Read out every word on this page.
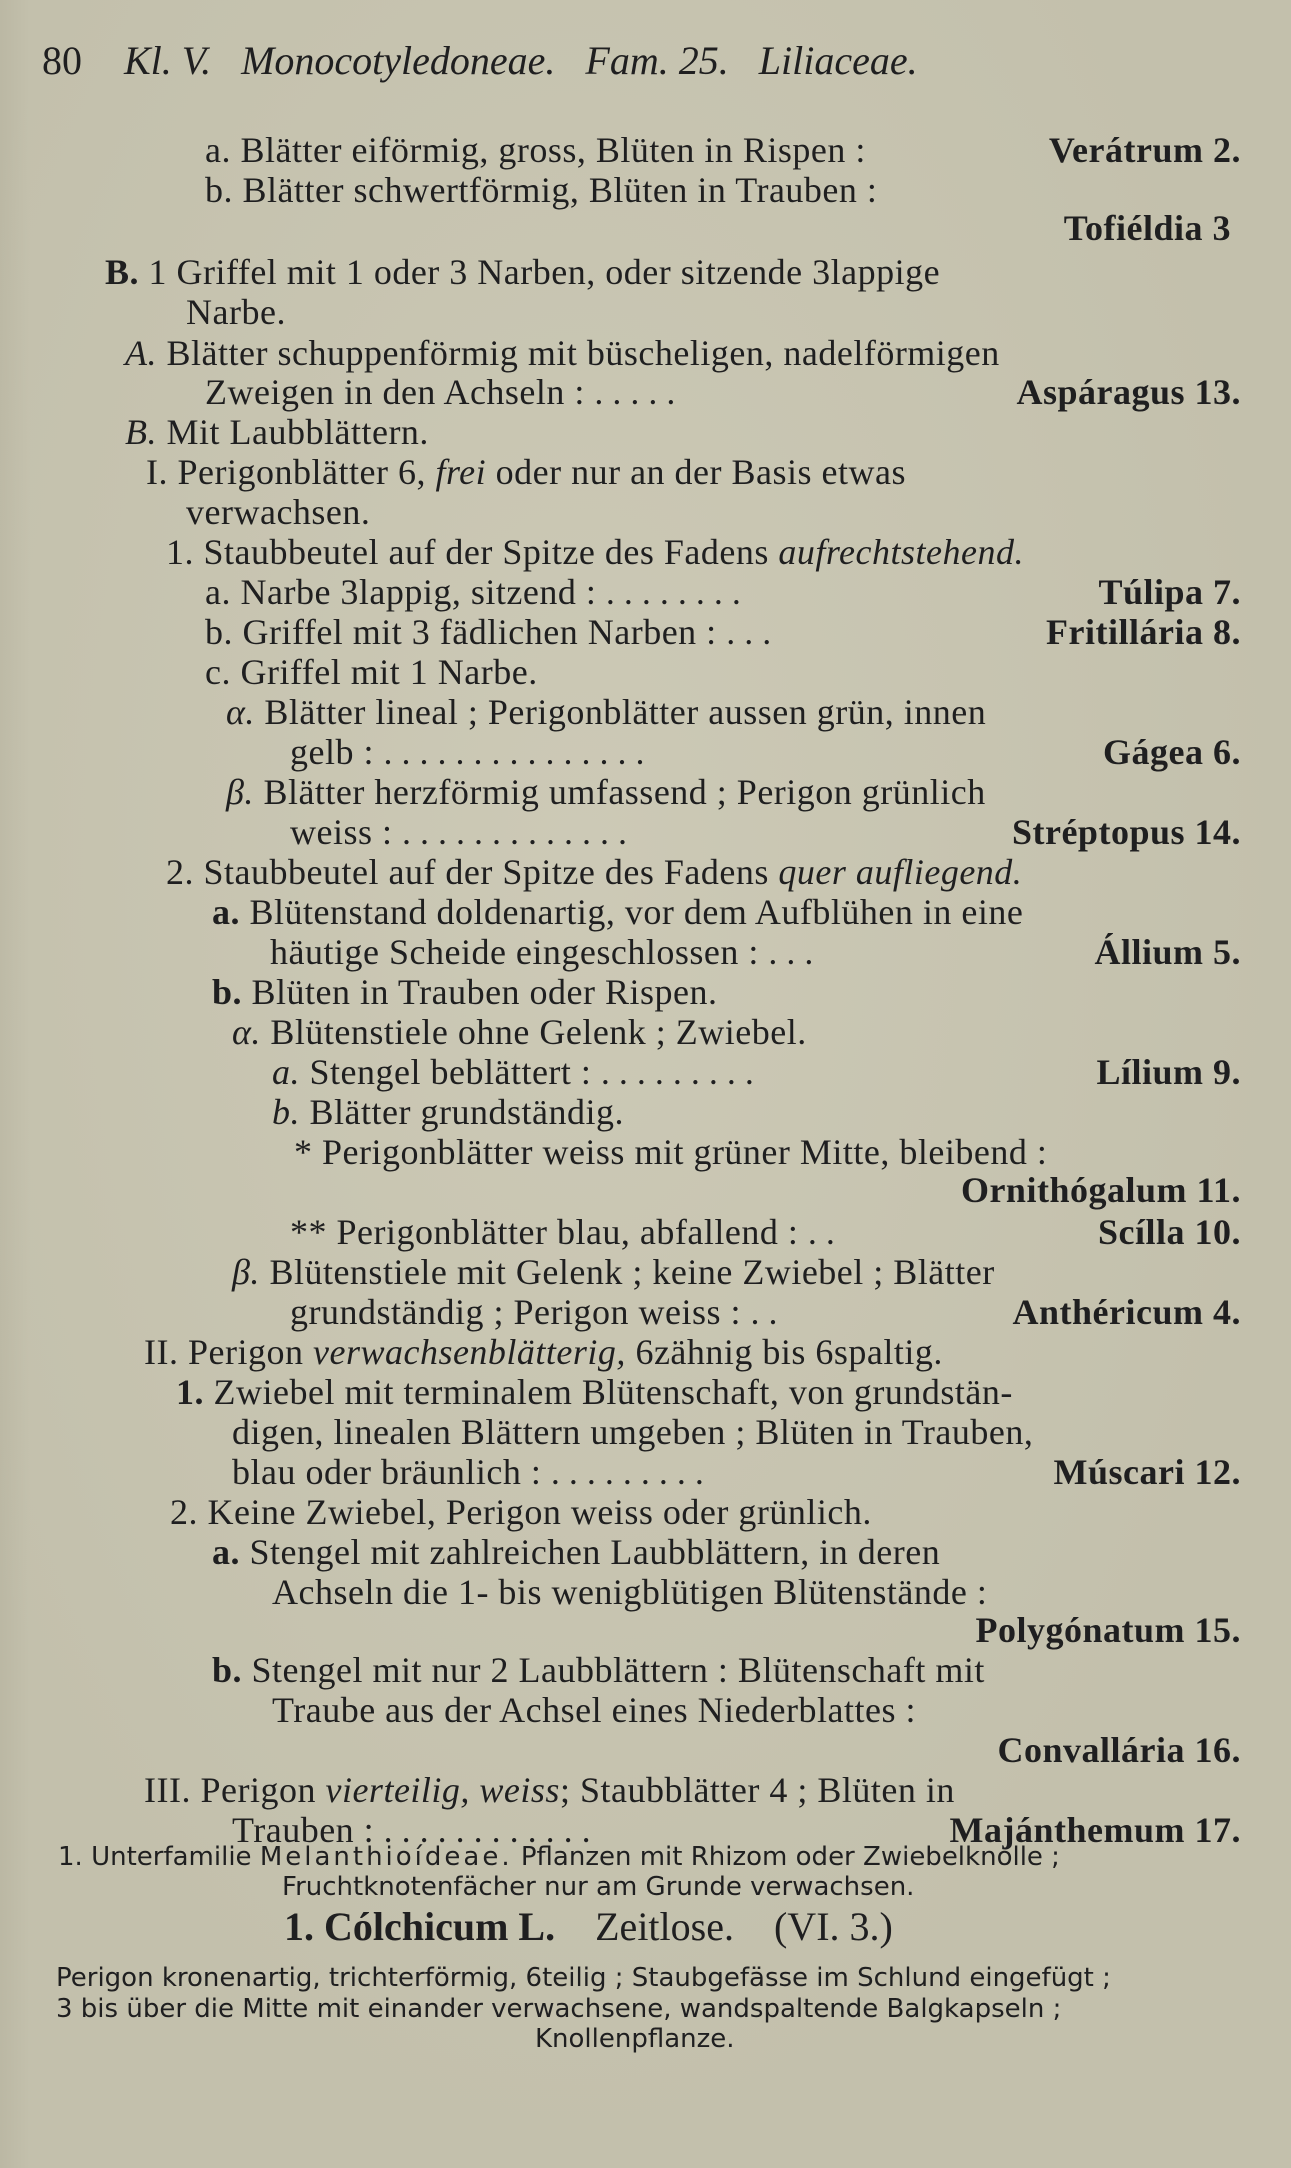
80 Kl. V. Monocotyledoneae. Fam. 25. Liliaceae.
a. Blätter eiförmig, gross, Blüten in Rispen :	Verátrum 2.
b. Blätter schwertförmig, Blüten in Trauben :
Tofiéldia 3
B. 1 Griffel mit 1 oder 3 Narben, oder sitzende 3lappige
Narbe.
A. Blätter schuppenförmig mit büscheligen, nadelförmigen
Zweigen in den Achseln : .....	Aspáragus 13.
B. Mit Laubblättern.
I. Perigonblätter 6, frei oder nur an der Basis etwas
verwachsen.
1. Staubbeutel auf der Spitze des Fadens aufrechtstehend.
a. Narbe 3lappig, sitzend : ........	Túlipa 7.
b. Griffel mit 3 fädlichen Narben : ...	Fritillária 8.
c. Griffel mit 1 Narbe.
α. Blätter lineal ; Perigonblätter aussen grün, innen
gelb : ...............	Gágea 6.
β. Blätter herzförmig umfassend ; Perigon grünlich
weiss : .............	Stréptopus 14.
2. Staubbeutel auf der Spitze des Fadens quer aufliegend.
a. Blütenstand doldenartig, vor dem Aufblühen in eine
häutige Scheide eingeschlossen : ...	Állium 5.
b. Blüten in Trauben oder Rispen.
α. Blütenstiele ohne Gelenk ; Zwiebel.
a. Stengel beblättert : .........	Lílium 9.
b. Blätter grundständig.
* Perigonblätter weiss mit grüner Mitte, bleibend :
Ornithógalum 11.
** Perigonblätter blau, abfallend : ..	Scílla 10.
β. Blütenstiele mit Gelenk ; keine Zwiebel ; Blätter
grundständig ; Perigon weiss : ..	Anthéricum 4.
II. Perigon verwachsenblätterig, 6zähnig bis 6spaltig.
1. Zwiebel mit terminalem Blütenschaft, von grundstän-
digen, linealen Blättern umgeben ; Blüten in Trauben,
blau oder bräunlich : .........	Múscari 12.
2. Keine Zwiebel, Perigon weiss oder grünlich.
a. Stengel mit zahlreichen Laubblättern, in deren
Achseln die 1- bis wenigblütigen Blütenstände :
Polygónatum 15.
b. Stengel mit nur 2 Laubblättern : Blütenschaft mit
Traube aus der Achsel eines Niederblattes :
Convallária 16.
III. Perigon vierteilig, weiss; Staubblätter 4 ; Blüten in
Trauben : ............	Majánthemum 17.
1. Unterfamilie Melanthioídeae. Pflanzen mit Rhizom oder Zwiebelknolle ;
Fruchtknotenfächer nur am Grunde verwachsen.
1. Cólchicum L. Zeitlose. (VI. 3.)
Perigon kronenartig, trichterförmig, 6teilig ; Staubgefässe im Schlund eingefügt ;
3 bis über die Mitte mit einander verwachsene, wandspaltende Balgkapseln ;
Knollenpflanze.
